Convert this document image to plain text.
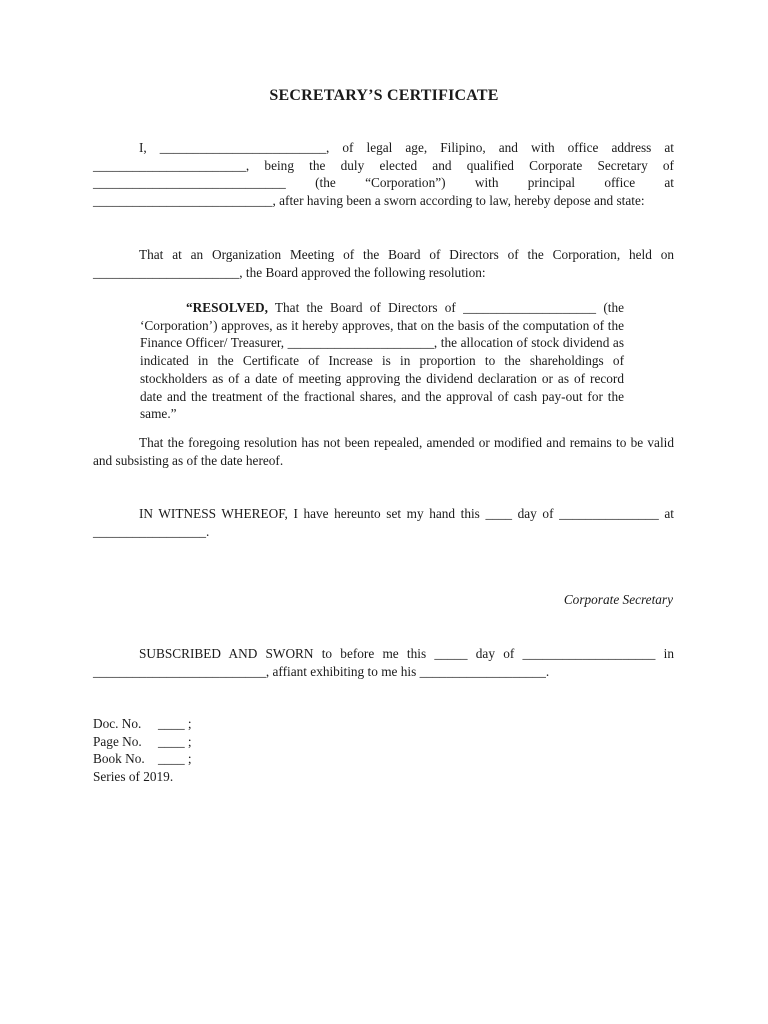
SECRETARY’S CERTIFICATE
I, _________________________, of legal age, Filipino, and with office address at _______________________, being the duly elected and qualified Corporate Secretary of _____________________________ (the “Corporation”) with principal office at ___________________________, after having been a sworn according to law, hereby depose and state:
That at an Organization Meeting of the Board of Directors of the Corporation, held on ______________________, the Board approved the following resolution:
“RESOLVED, That the Board of Directors of ____________________ (the ‘Corporation’) approves, as it hereby approves, that on the basis of the computation of the Finance Officer/ Treasurer, ______________________, the allocation of stock dividend as indicated in the Certificate of Increase is in proportion to the shareholdings of stockholders as of a date of meeting approving the dividend declaration or as of record date and the treatment of the fractional shares, and the approval of cash pay-out for the same.”
That the foregoing resolution has not been repealed, amended or modified and remains to be valid and subsisting as of the date hereof.
IN WITNESS WHEREOF, I have hereunto set my hand this ____ day of _______________ at _________________.
Corporate Secretary
SUBSCRIBED AND SWORN to before me this _____ day of ____________________ in __________________________, affiant exhibiting to me his ___________________.
Doc. No. ____ ;
Page No. ____ ;
Book No. ____ ;
Series of 2019.
